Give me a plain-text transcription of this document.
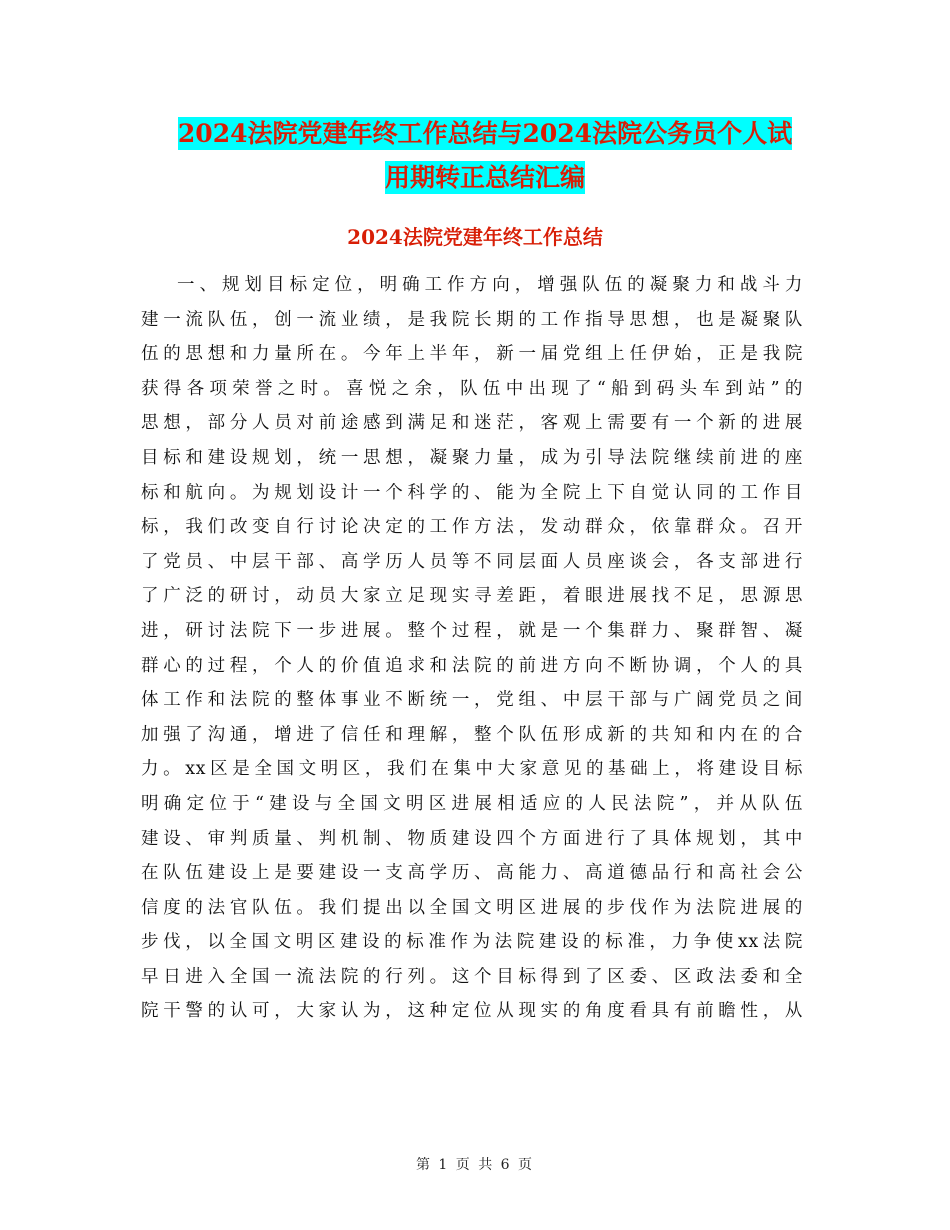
2024法院党建年终工作总结与2024法院公务员个人试
用期转正总结汇编
2024法院党建年终工作总结
一、规划目标定位，明确工作方向，增强队伍的凝聚力和战斗力
建一流队伍，创一流业绩，是我院长期的工作指导思想，也是凝聚队
伍的思想和力量所在。今年上半年，新一届党组上任伊始，正是我院
获得各项荣誉之时。喜悦之余，队伍中出现了“船到码头车到站”的
思想，部分人员对前途感到满足和迷茫，客观上需要有一个新的进展
目标和建设规划，统一思想，凝聚力量，成为引导法院继续前进的座
标和航向。为规划设计一个科学的、能为全院上下自觉认同的工作目
标，我们改变自行讨论决定的工作方法，发动群众，依靠群众。召开
了党员、中层干部、高学历人员等不同层面人员座谈会，各支部进行
了广泛的研讨，动员大家立足现实寻差距，着眼进展找不足，思源思
进，研讨法院下一步进展。整个过程，就是一个集群力、聚群智、凝
群心的过程，个人的价值追求和法院的前进方向不断协调，个人的具
体工作和法院的整体事业不断统一，党组、中层干部与广阔党员之间
加强了沟通，增进了信任和理解，整个队伍形成新的共知和内在的合
力。xx区是全国文明区，我们在集中大家意见的基础上，将建设目标
明确定位于“建设与全国文明区进展相适应的人民法院”，并从队伍
建设、审判质量、判机制、物质建设四个方面进行了具体规划，其中
在队伍建设上是要建设一支高学历、高能力、高道德品行和高社会公
信度的法官队伍。我们提出以全国文明区进展的步伐作为法院进展的
步伐，以全国文明区建设的标准作为法院建设的标准，力争使xx法院
早日进入全国一流法院的行列。这个目标得到了区委、区政法委和全
院干警的认可，大家认为，这种定位从现实的角度看具有前瞻性，从
第 1 页 共 6 页
